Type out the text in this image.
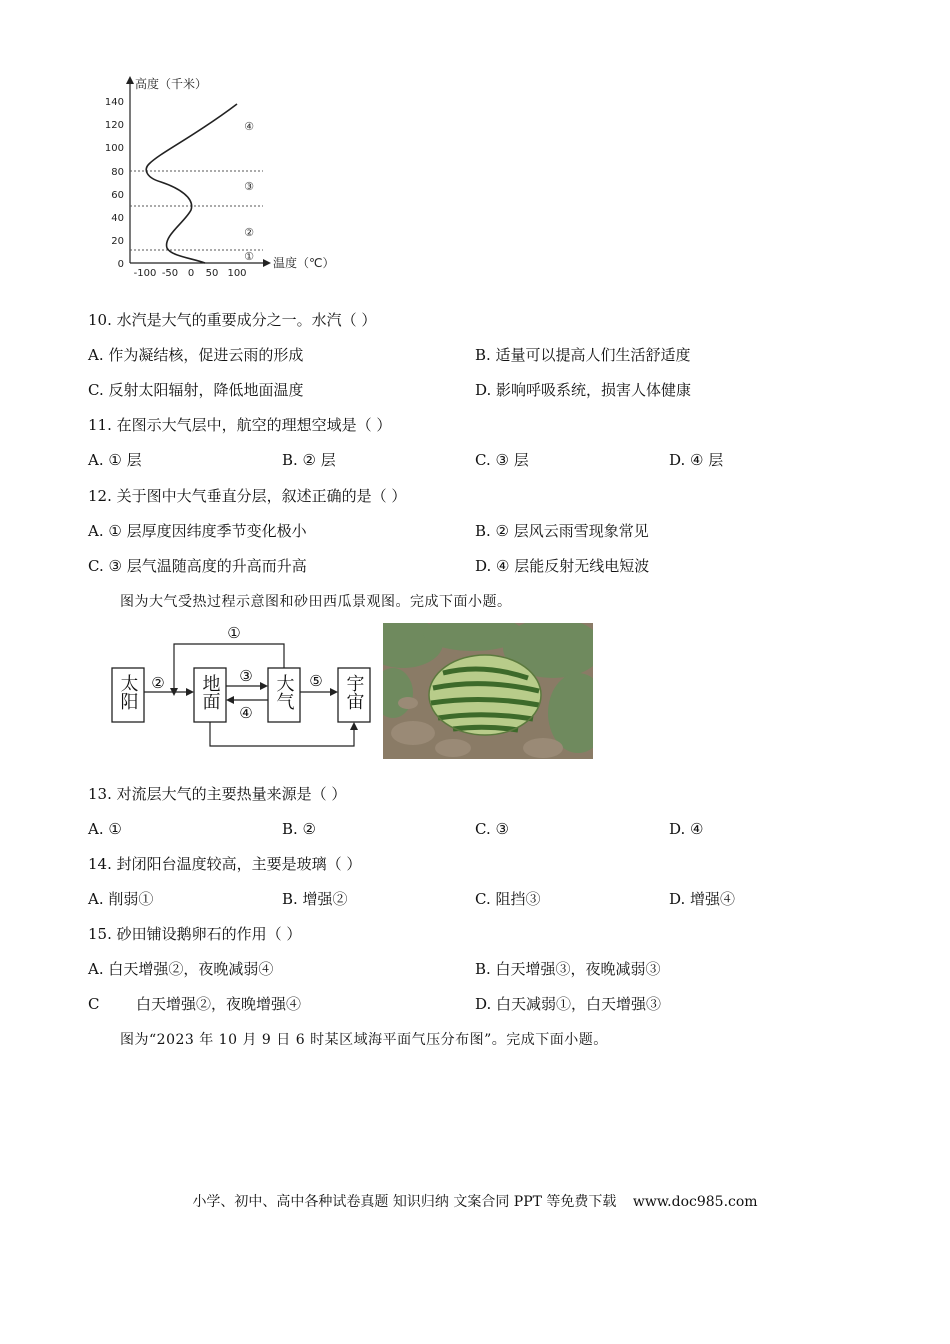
高度（千米）
温度（℃）
0
20
40
60
80
100
120
140
-100 -50 0 50 100
①
②
③
④
10. 水汽是大气的重要成分之一。水汽（ ）
A. 作为凝结核，促进云雨的形成	B. 适量可以提高人们生活舒适度
C. 反射太阳辐射，降低地面温度	D. 影响呼吸系统，损害人体健康
11. 在图示大气层中，航空的理想空域是（ ）
A. ① 层	B. ② 层	C. ③ 层	D. ④ 层
12. 关于图中大气垂直分层，叙述正确的是（ ）
A. ① 层厚度因纬度季节变化极小	B. ② 层风云雨雪现象常见
C. ③ 层气温随高度的升高而升高	D. ④ 层能反射无线电短波
图为大气受热过程示意图和砂田西瓜景观图。完成下面小题。
太阳	地面	大气	宇宙
①
②	③
④
⑤
13. 对流层大气的主要热量来源是（ ）
A. ①	B. ②	C. ③	D. ④
14. 封闭阳台温度较高，主要是玻璃（ ）
A. 削弱①	B. 增强②	C. 阻挡③	D. 增强④
15. 砂田铺设鹅卵石的作用（ ）
A. 白天增强②，夜晚减弱④	B. 白天增强③，夜晚减弱③
C 白天增强②，夜晚增强④	D. 白天减弱①，白天增强③
图为“2023 年 10 月 9 日 6 时某区域海平面气压分布图”。完成下面小题。
小学、初中、高中各种试卷真题 知识归纳 文案合同 PPT 等免费下载 www.doc985.com
